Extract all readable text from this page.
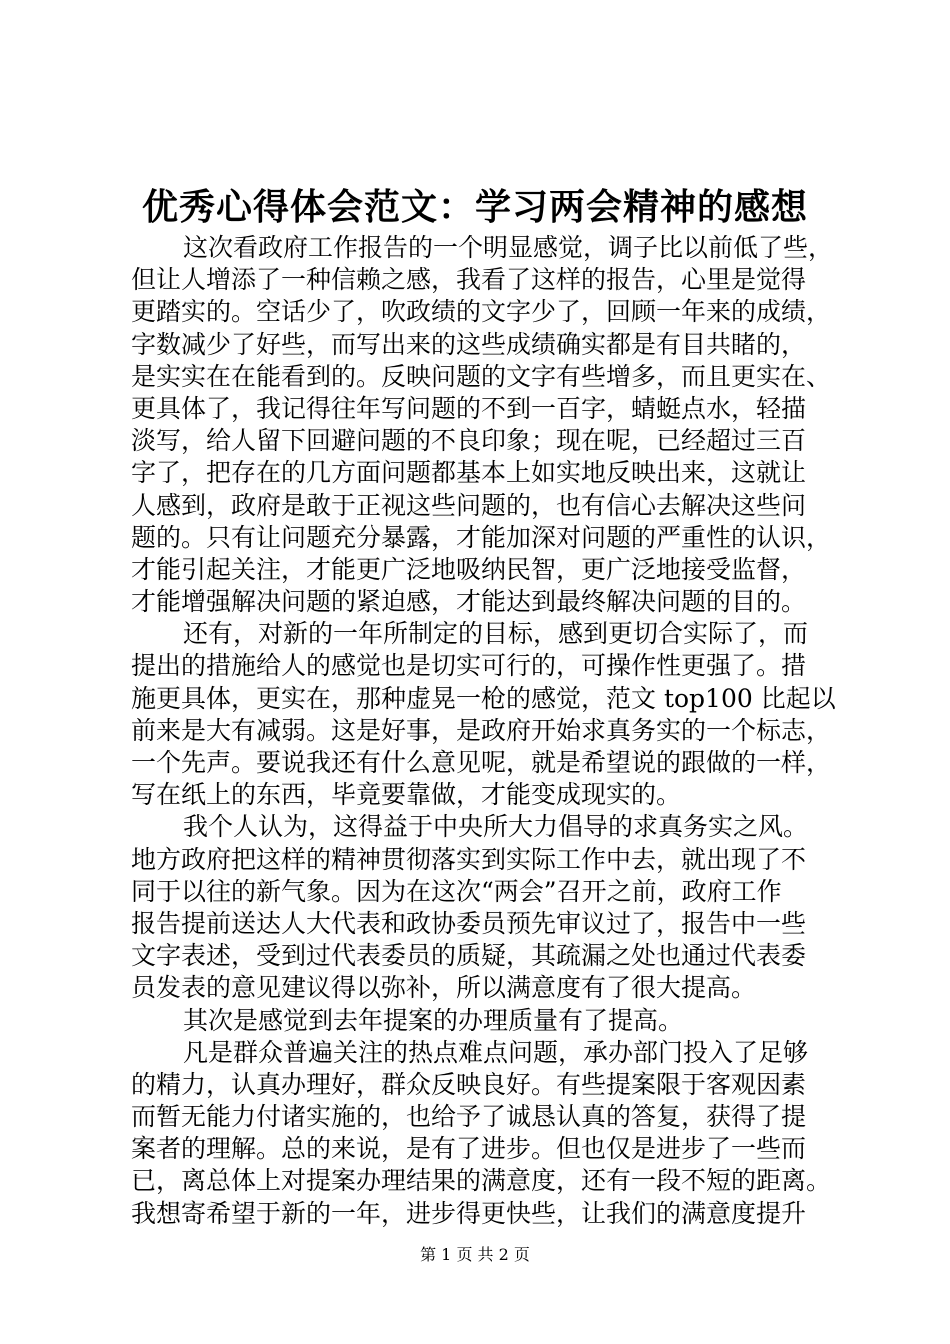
优秀心得体会范文：学习两会精神的感想
这次看政府工作报告的一个明显感觉，调子比以前低了些，
但让人增添了一种信赖之感，我看了这样的报告，心里是觉得
更踏实的。空话少了，吹政绩的文字少了，回顾一年来的成绩，
字数减少了好些，而写出来的这些成绩确实都是有目共睹的，
是实实在在能看到的。反映问题的文字有些增多，而且更实在、
更具体了，我记得往年写问题的不到一百字，蜻蜓点水，轻描
淡写，给人留下回避问题的不良印象；现在呢，已经超过三百
字了，把存在的几方面问题都基本上如实地反映出来，这就让
人感到，政府是敢于正视这些问题的，也有信心去解决这些问
题的。只有让问题充分暴露，才能加深对问题的严重性的认识，
才能引起关注，才能更广泛地吸纳民智，更广泛地接受监督，
才能增强解决问题的紧迫感，才能达到最终解决问题的目的。
还有，对新的一年所制定的目标，感到更切合实际了，而
提出的措施给人的感觉也是切实可行的，可操作性更强了。措
施更具体，更实在，那种虚晃一枪的感觉，范文 top100 比起以
前来是大有减弱。这是好事，是政府开始求真务实的一个标志，
一个先声。要说我还有什么意见呢，就是希望说的跟做的一样，
写在纸上的东西，毕竟要靠做，才能变成现实的。
我个人认为，这得益于中央所大力倡导的求真务实之风。
地方政府把这样的精神贯彻落实到实际工作中去，就出现了不
同于以往的新气象。因为在这次“两会”召开之前，政府工作
报告提前送达人大代表和政协委员预先审议过了，报告中一些
文字表述，受到过代表委员的质疑，其疏漏之处也通过代表委
员发表的意见建议得以弥补，所以满意度有了很大提高。
其次是感觉到去年提案的办理质量有了提高。
凡是群众普遍关注的热点难点问题，承办部门投入了足够
的精力，认真办理好，群众反映良好。有些提案限于客观因素
而暂无能力付诸实施的，也给予了诚恳认真的答复，获得了提
案者的理解。总的来说，是有了进步。但也仅是进步了一些而
已，离总体上对提案办理结果的满意度，还有一段不短的距离。
我想寄希望于新的一年，进步得更快些，让我们的满意度提升
第 1 页 共 2 页
